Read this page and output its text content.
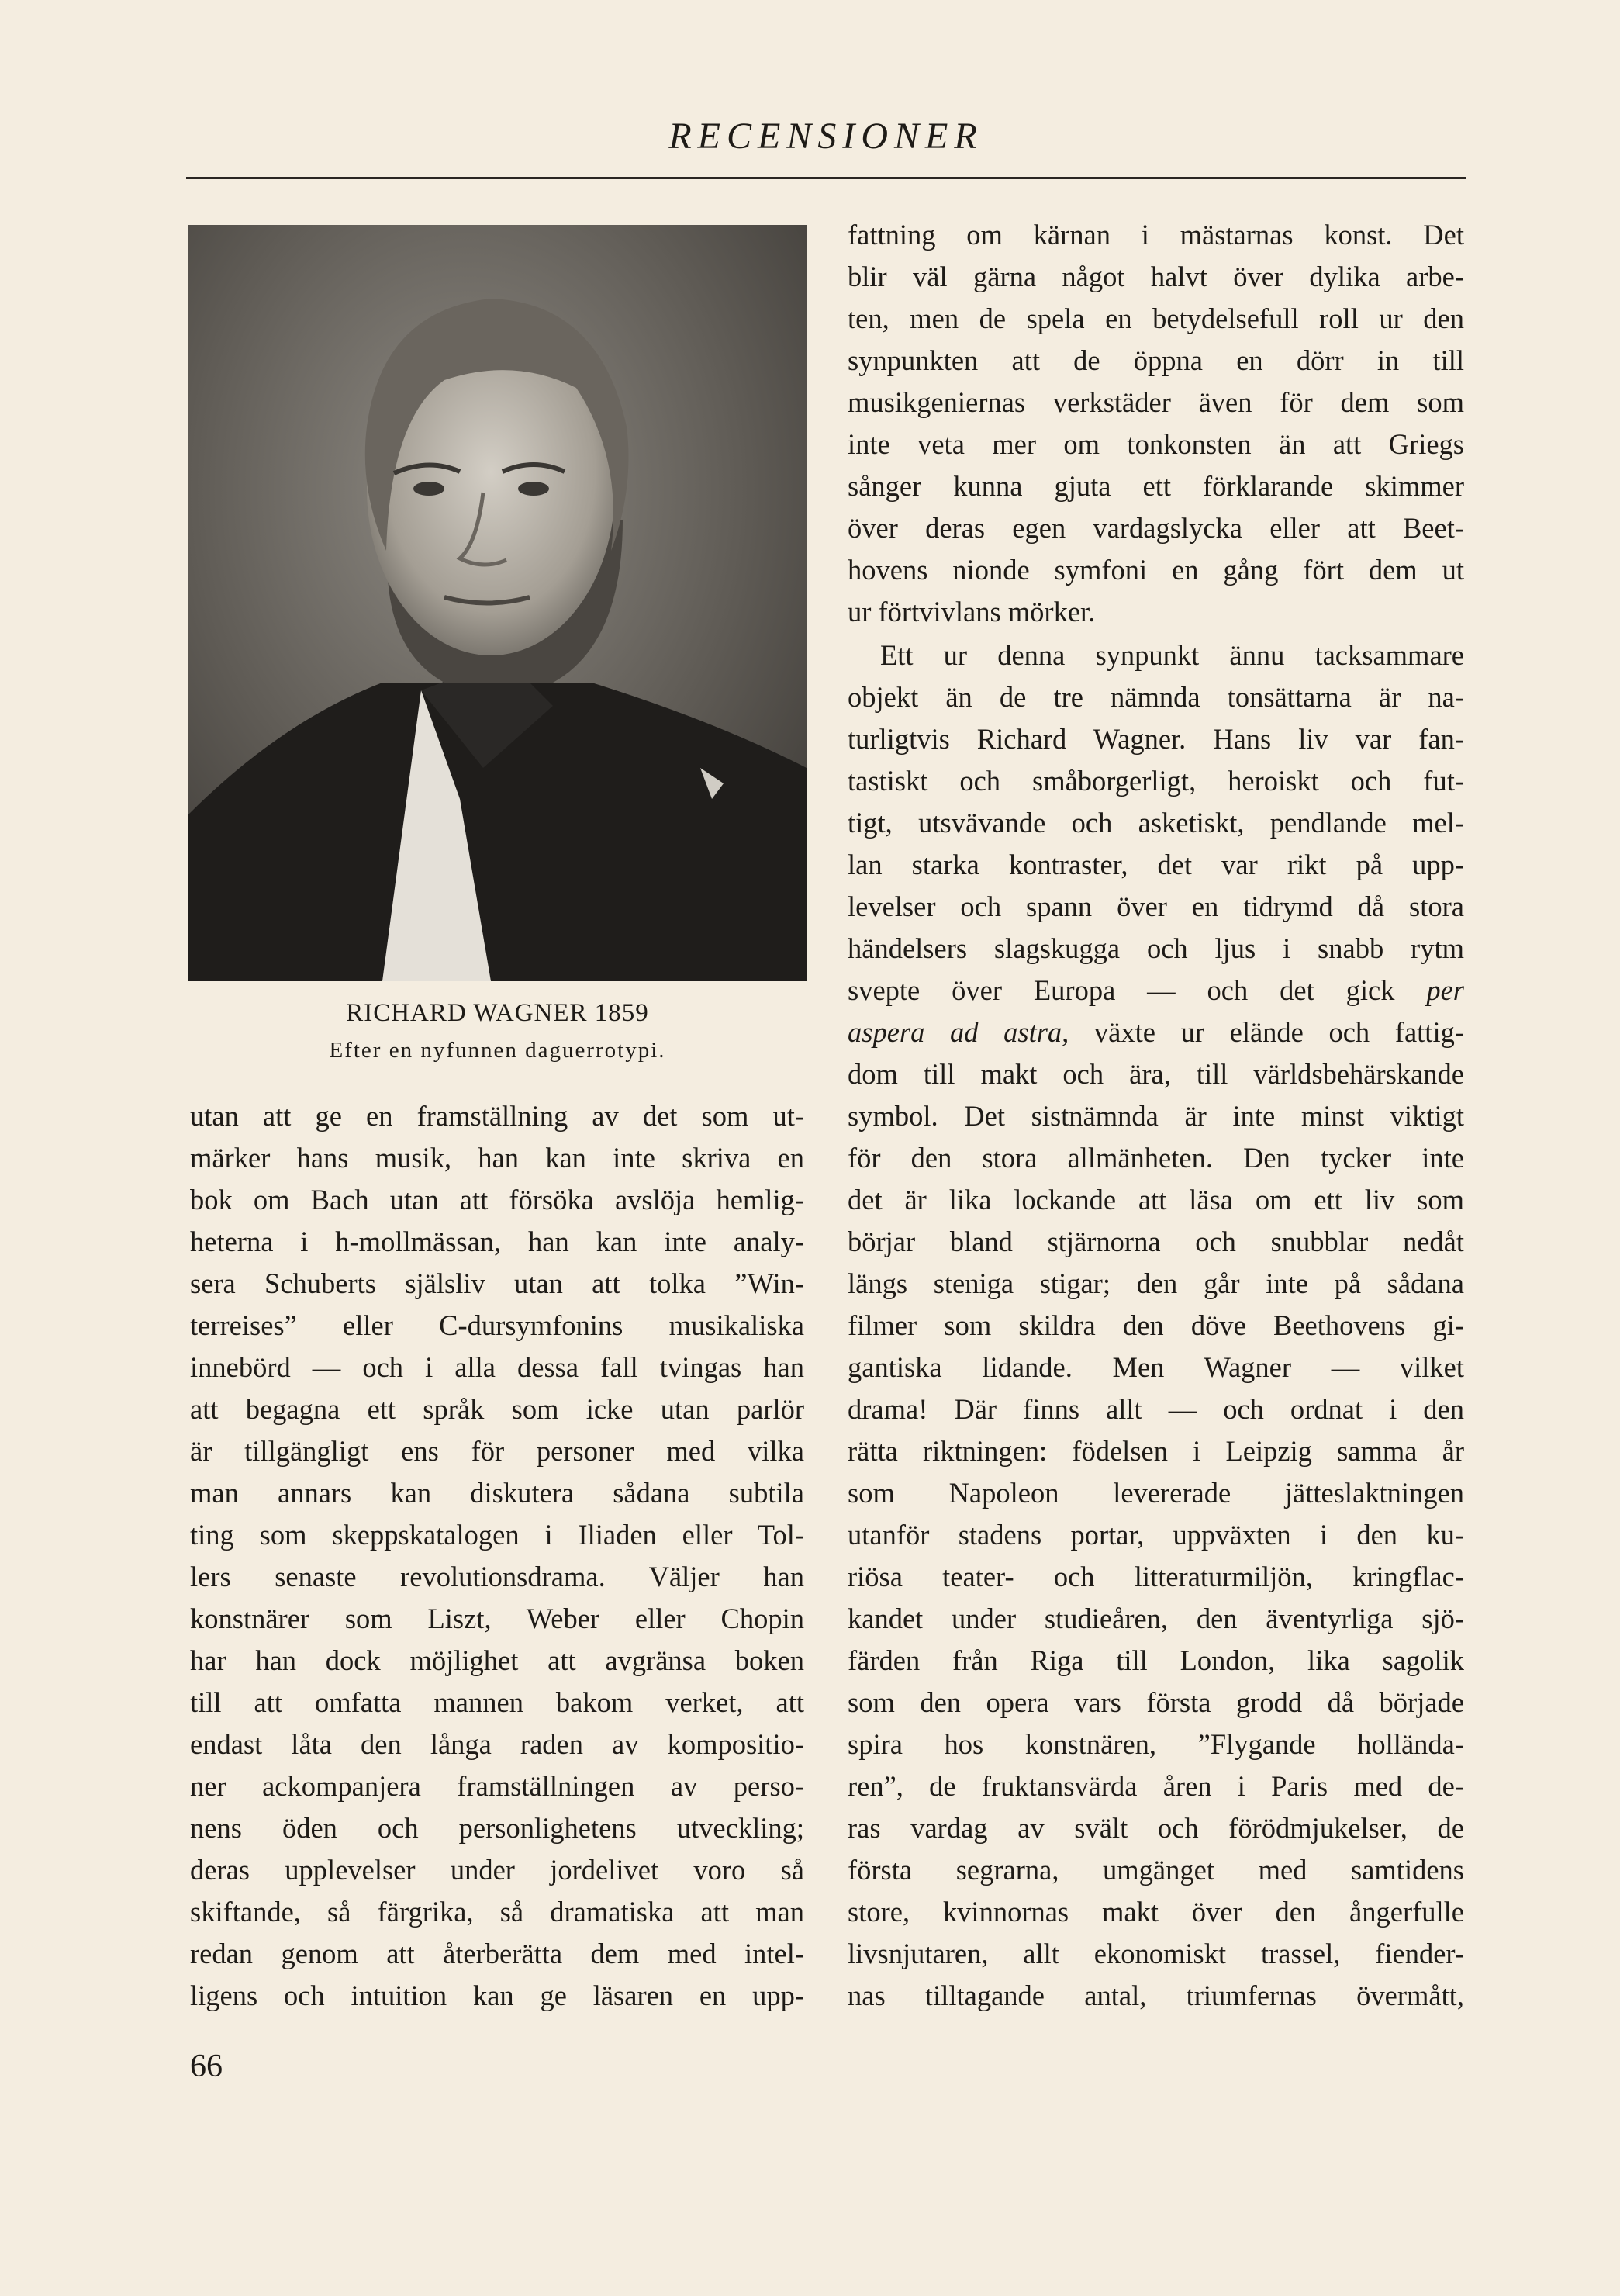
RECENSIONER
RICHARD WAGNER 1859
Efter en nyfunnen daguerrotypi.
utan att ge en framställning av det som ut-
märker hans musik, han kan inte skriva en
bok om Bach utan att försöka avslöja hemlig-
heterna i h-mollmässan, han kan inte analy-
sera Schuberts själsliv utan att tolka ”Win-
terreises” eller C-dursymfonins musikaliska
innebörd — och i alla dessa fall tvingas han
att begagna ett språk som icke utan parlör
är tillgängligt ens för personer med vilka
man annars kan diskutera sådana subtila
ting som skeppskatalogen i Iliaden eller Tol-
lers senaste revolutionsdrama. Väljer han
konstnärer som Liszt, Weber eller Chopin
har han dock möjlighet att avgränsa boken
till att omfatta mannen bakom verket, att
endast låta den långa raden av kompositio-
ner ackompanjera framställningen av perso-
nens öden och personlighetens utveckling;
deras upplevelser under jordelivet voro så
skiftande, så färgrika, så dramatiska att man
redan genom att återberätta dem med intel-
ligens och intuition kan ge läsaren en upp-
fattning om kärnan i mästarnas konst. Det
blir väl gärna något halvt över dylika arbe-
ten, men de spela en betydelsefull roll ur den
synpunkten att de öppna en dörr in till
musikgeniernas verkstäder även för dem som
inte veta mer om tonkonsten än att Griegs
sånger kunna gjuta ett förklarande skimmer
över deras egen vardagslycka eller att Beet-
hovens nionde symfoni en gång fört dem ut
ur förtvivlans mörker.
Ett ur denna synpunkt ännu tacksammare
objekt än de tre nämnda tonsättarna är na-
turligtvis Richard Wagner. Hans liv var fan-
tastiskt och småborgerligt, heroiskt och fut-
tigt, utsvävande och asketiskt, pendlande mel-
lan starka kontraster, det var rikt på upp-
levelser och spann över en tidrymd då stora
händelsers slagskugga och ljus i snabb rytm
svepte över Europa — och det gick per
aspera ad astra, växte ur elände och fattig-
dom till makt och ära, till världsbehärskande
symbol. Det sistnämnda är inte minst viktigt
för den stora allmänheten. Den tycker inte
det är lika lockande att läsa om ett liv som
börjar bland stjärnorna och snubblar nedåt
längs steniga stigar; den går inte på sådana
filmer som skildra den döve Beethovens gi-
gantiska lidande. Men Wagner — vilket
drama! Där finns allt — och ordnat i den
rätta riktningen: födelsen i Leipzig samma år
som Napoleon levererade jätteslaktningen
utanför stadens portar, uppväxten i den ku-
riösa teater- och litteraturmiljön, kringflac-
kandet under studieåren, den äventyrliga sjö-
färden från Riga till London, lika sagolik
som den opera vars första grodd då började
spira hos konstnären, ”Flygande hollända-
ren”, de fruktansvärda åren i Paris med de-
ras vardag av svält och förödmjukelser, de
första segrarna, umgänget med samtidens
store, kvinnornas makt över den ångerfulle
livsnjutaren, allt ekonomiskt trassel, fiender-
nas tilltagande antal, triumfernas övermått,
66
